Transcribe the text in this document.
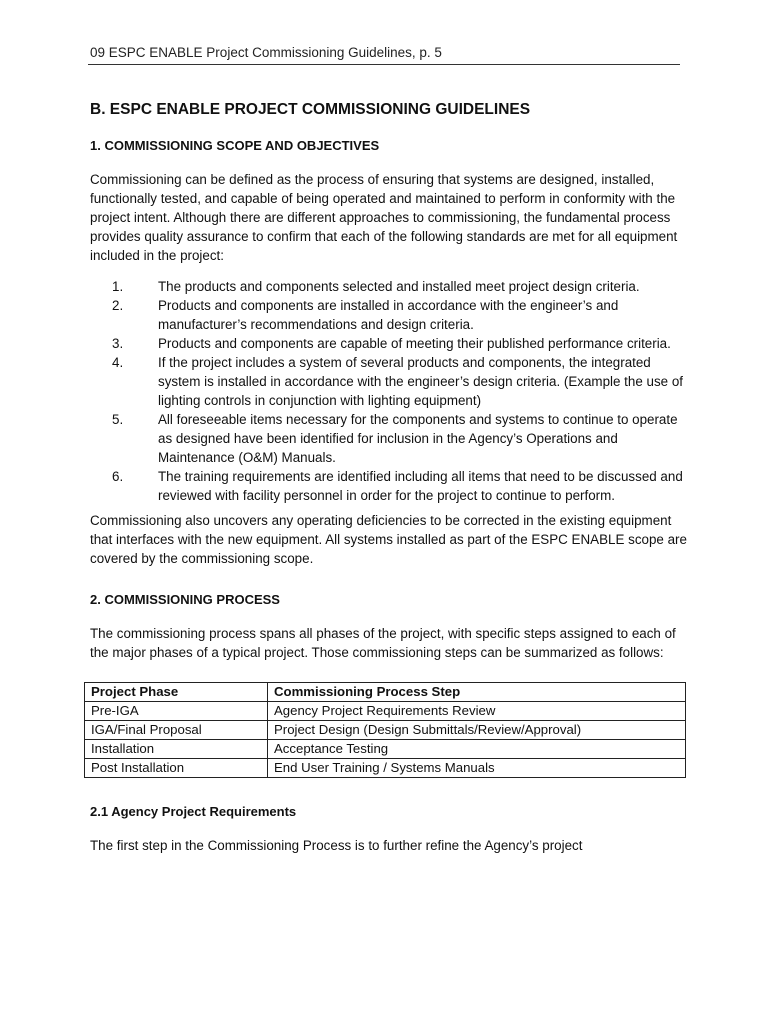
09 ESPC ENABLE Project Commissioning Guidelines, p. 5
B. ESPC ENABLE PROJECT COMMISSIONING GUIDELINES
1. COMMISSIONING SCOPE AND OBJECTIVES

Commissioning can be defined as the process of ensuring that systems are designed, installed, functionally tested, and capable of being operated and maintained to perform in conformity with the project intent. Although there are different approaches to commissioning, the fundamental process provides quality assurance to confirm that each of the following standards are met for all equipment included in the project:

1.	The products and components selected and installed meet project design criteria.
2.	Products and components are installed in accordance with the engineer’s and manufacturer’s recommendations and design criteria.
3.	Products and components are capable of meeting their published performance criteria.
4.	If the project includes a system of several products and components, the integrated system is installed in accordance with the engineer’s design criteria. (Example the use of lighting controls in conjunction with lighting equipment)
5.	All foreseeable items necessary for the components and systems to continue to operate as designed have been identified for inclusion in the Agency’s Operations and Maintenance (O&M) Manuals.
6.	The training requirements are identified including all items that need to be discussed and reviewed with facility personnel in order for the project to continue to perform.

Commissioning also uncovers any operating deficiencies to be corrected in the existing equipment that interfaces with the new equipment. All systems installed as part of the ESPC ENABLE scope are covered by the commissioning scope.

2. COMMISSIONING PROCESS

The commissioning process spans all phases of the project, with specific steps assigned to each of the major phases of a typical project. Those commissioning steps can be summarized as follows:

Project Phase	Commissioning Process Step
Pre-IGA	Agency Project Requirements Review
IGA/Final Proposal	Project Design (Design Submittals/Review/Approval)
Installation	Acceptance Testing
Post Installation	End User Training / Systems Manuals
2.1 Agency Project Requirements

The first step in the Commissioning Process is to further refine the Agency’s project
